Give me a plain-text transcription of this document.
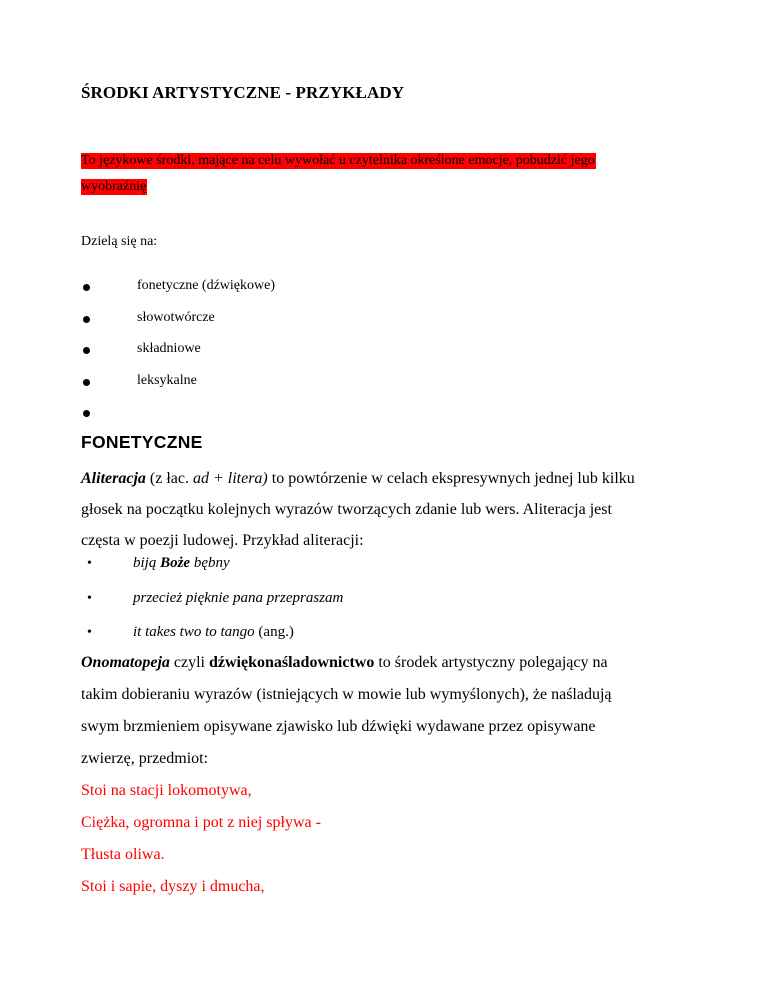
ŚRODKI ARTYSTYCZNE - PRZYKŁADY

To językowe środki, mające na celu wywołać u czytelnika określone emocje, pobudzić jego

wyobraźnię

Dzielą się na:

fonetyczne (dźwiękowe)

słowotwórcze

składniowe

leksykalne

FONETYCZNE

Aliteracja (z łac. ad + litera) to powtórzenie w celach ekspresywnych jednej lub kilku

głosek na początku kolejnych wyrazów tworzących zdanie lub wers. Aliteracja jest

częsta w poezji ludowej. Przykład aliteracji:

•	biją Boże bębny

•	przecież pięknie pana przepraszam

•	it takes two to tango (ang.)

Onomatopeja czyli dźwiękonaśladownictwo to środek artystyczny polegający na

takim dobieraniu wyrazów (istniejących w mowie lub wymyślonych), że naśladują

swym brzmieniem opisywane zjawisko lub dźwięki wydawane przez opisywane

zwierzę, przedmiot:

Stoi na stacji lokomotywa,

Ciężka, ogromna i pot z niej spływa -

Tłusta oliwa.

Stoi i sapie, dyszy i dmucha,
